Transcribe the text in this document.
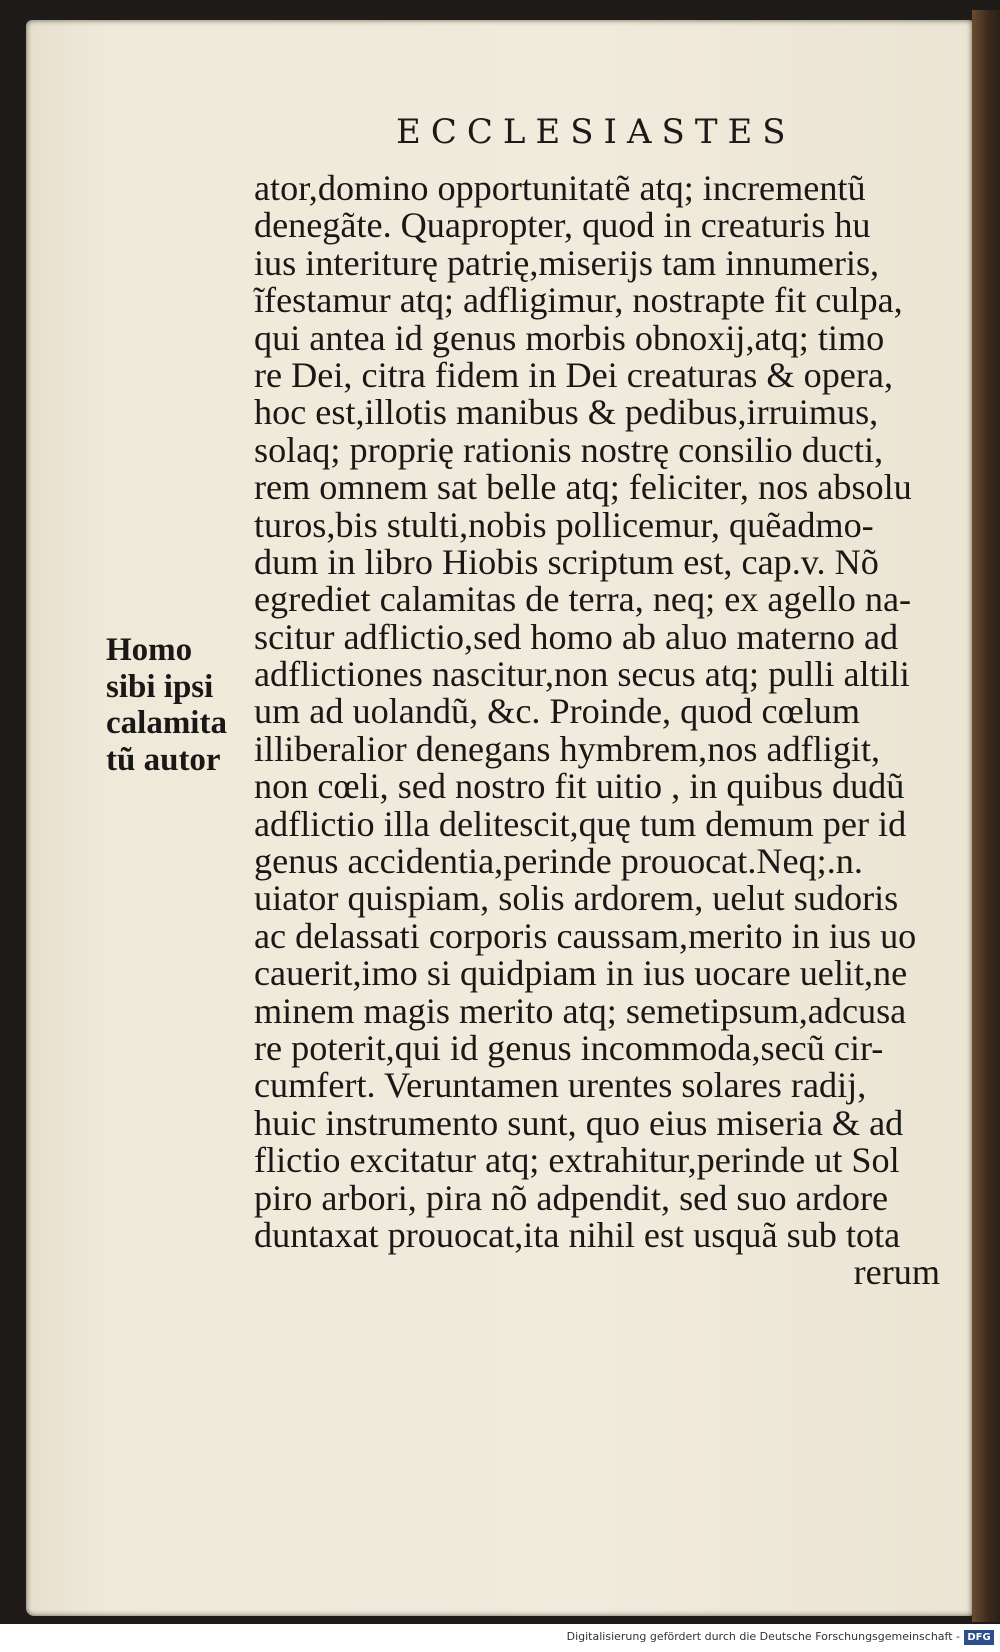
ECCLESIASTES
ator,domino opportunitatẽ atq; incrementũ
denegãte. Quapropter, quod in creaturis hu
ius interiturę patrię,miserijs tam innumeris,
ĩfestamur atq; adfligimur, nostrapte fit culpa,
qui antea id genus morbis obnoxij,atq; timo
re Dei, citra fidem in Dei creaturas & opera,
hoc est,illotis manibus & pedibus,irruimus,
solaq; proprię rationis nostrę consilio ducti,
rem omnem sat belle atq; feliciter, nos absolu
turos,bis stulti,nobis pollicemur, quẽadmo-
dum in libro Hiobis scriptum est, cap.v. Nõ
egrediet calamitas de terra, neq; ex agello na-
scitur adflictio,sed homo ab aluo materno ad
adflictiones nascitur,non secus atq; pulli altili
um ad uolandũ, &c. Proinde, quod cœlum
illiberalior denegans hymbrem,nos adfligit,
non cœli, sed nostro fit uitio , in quibus dudũ
adflictio illa delitescit,quę tum demum per id
genus accidentia,perinde prouocat.Neq;.n.
uiator quispiam, solis ardorem, uelut sudoris
ac delassati corporis caussam,merito in ius uo
cauerit,imo si quidpiam in ius uocare uelit,ne
minem magis merito atq; semetipsum,adcusa
re poterit,qui id genus incommoda,secũ cir-
cumfert. Veruntamen urentes solares radij,
huic instrumento sunt, quo eius miseria & ad
flictio excitatur atq; extrahitur,perinde ut Sol
piro arbori, pira nõ adpendit, sed suo ardore
duntaxat prouocat,ita nihil est usquã sub tota
rerum
Homo
sibi ipsi
calamita
tũ autor
Digitalisierung gefördert durch die Deutsche Forschungsgemeinschaft - DFG
